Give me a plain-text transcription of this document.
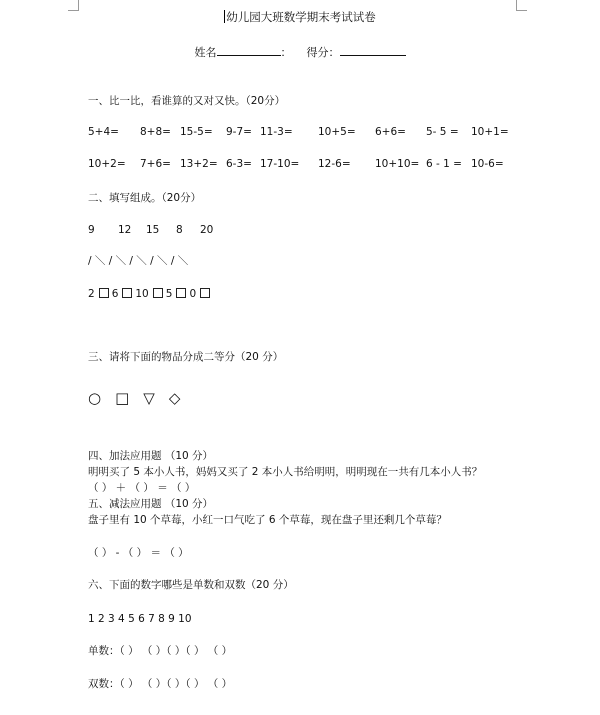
幼儿园大班数学期末考试试卷
姓名	： 得分：
一、比一比，看谁算的又对又快。（20分）
5+4= 8+8= 15-5= 9-7= 11-3= 10+5= 6+6= 5- 5 = 10+1=
10+2= 7+6= 13+2= 6-3= 17-10= 12-6= 10+10= 6 - 1 = 10-6=
二、填写组成。（20分）
9 12 15 8 20
/ ＼ / ＼ / ＼ / ＼ / ＼
2 6 10 5 0
三、请将下面的物品分成二等分（20 分）
○ □ ▽ ◇
四、加法应用题 （10 分）
明明买了 5 本小人书，妈妈又买了 2 本小人书给明明，明明现在一共有几本小人书？
（ ） ＋ （ ） ＝ （ ）
五、减法应用题 （10 分）
盘子里有 10 个草莓，小红一口气吃了 6 个草莓，现在盘子里还剩几个草莓？
（ ） - （ ） ＝ （ ）
六、下面的数字哪些是单数和双数（20 分）
1 2 3 4 5 6 7 8 9 10
单数：（ ） （ ）（ ）（ ） （ ）
双数：（ ） （ ）（ ）（ ） （ ）
